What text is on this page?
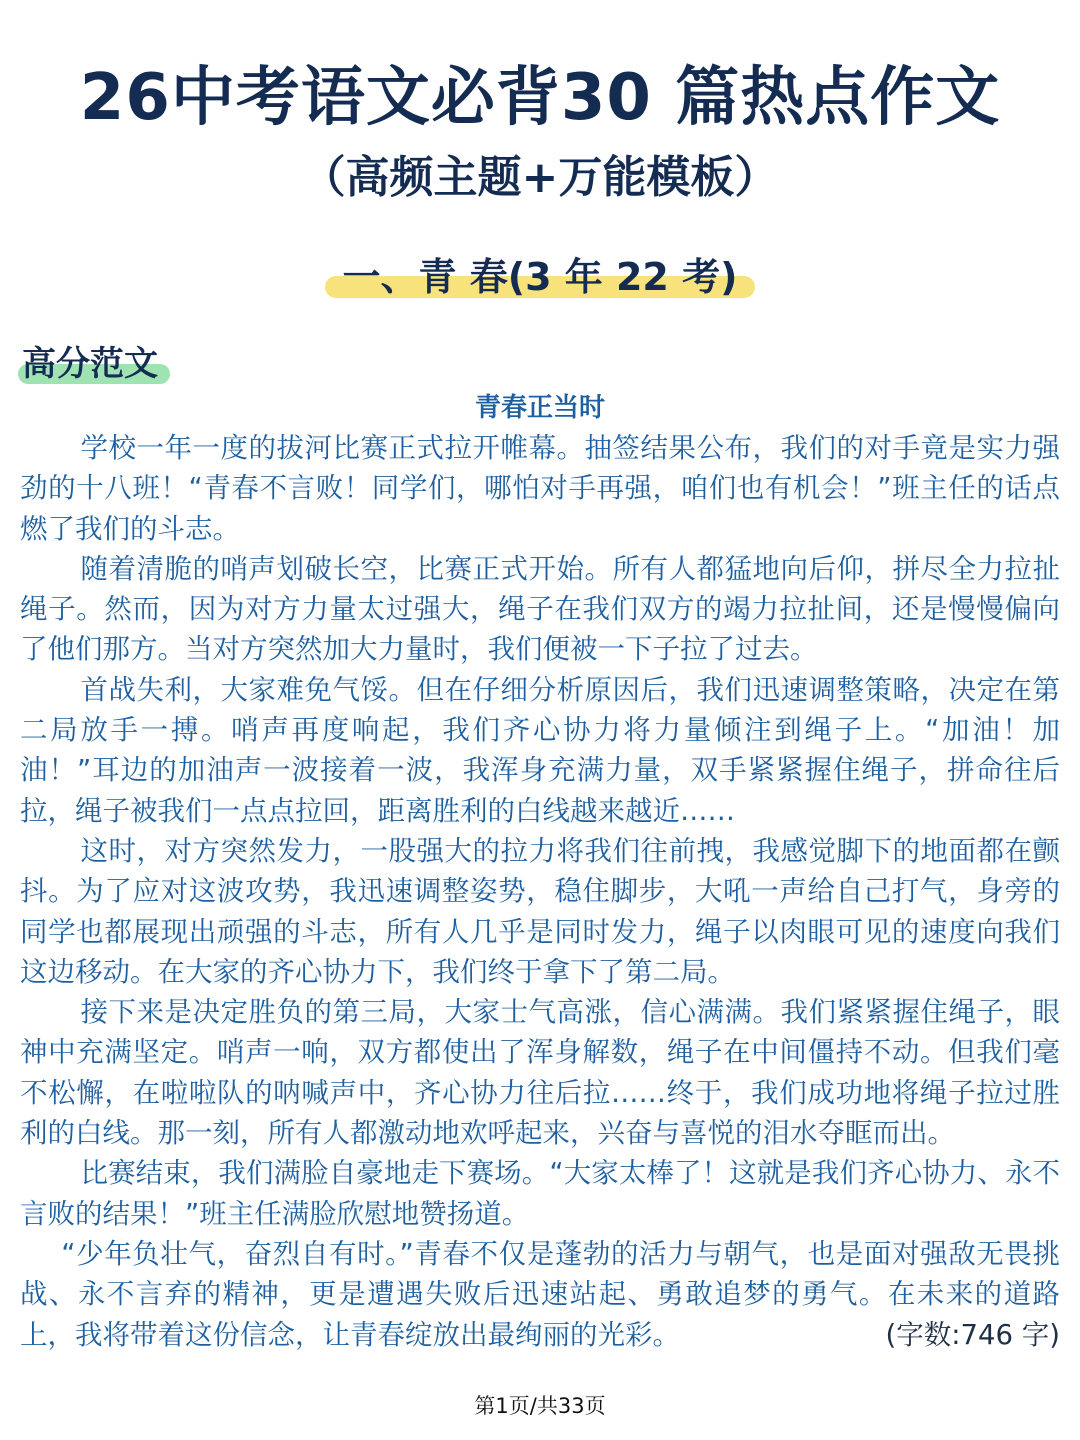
26中考语文必背30 篇热点作文
（高频主题+万能模板）
一、青 春(3 年 22 考)
高分范文
青春正当时

学校一年一度的拔河比赛正式拉开帷幕。抽签结果公布，我们的对手竟是实力强劲的十八班！“青春不言败！同学们，哪怕对手再强，咱们也有机会！”班主任的话点燃了我们的斗志。

随着清脆的哨声划破长空，比赛正式开始。所有人都猛地向后仰，拼尽全力拉扯绳子。然而，因为对方力量太过强大，绳子在我们双方的竭力拉扯间，还是慢慢偏向了他们那方。当对方突然加大力量时，我们便被一下子拉了过去。

首战失利，大家难免气馁。但在仔细分析原因后，我们迅速调整策略，决定在第二局放手一搏。哨声再度响起，我们齐心协力将力量倾注到绳子上。“加油！加油！”耳边的加油声一波接着一波，我浑身充满力量，双手紧紧握住绳子，拼命往后拉，绳子被我们一点点拉回，距离胜利的白线越来越近……

这时，对方突然发力，一股强大的拉力将我们往前拽，我感觉脚下的地面都在颤抖。为了应对这波攻势，我迅速调整姿势，稳住脚步，大吼一声给自己打气，身旁的同学也都展现出顽强的斗志，所有人几乎是同时发力，绳子以肉眼可见的速度向我们这边移动。在大家的齐心协力下，我们终于拿下了第二局。

接下来是决定胜负的第三局，大家士气高涨，信心满满。我们紧紧握住绳子，眼神中充满坚定。哨声一响，双方都使出了浑身解数，绳子在中间僵持不动。但我们毫不松懈，在啦啦队的呐喊声中，齐心协力往后拉……终于，我们成功地将绳子拉过胜利的白线。那一刻，所有人都激动地欢呼起来，兴奋与喜悦的泪水夺眶而出。

比赛结束，我们满脸自豪地走下赛场。“大家太棒了！这就是我们齐心协力、永不言败的结果！”班主任满脸欣慰地赞扬道。

“少年负壮气，奋烈自有时。”青春不仅是蓬勃的活力与朝气，也是面对强敌无畏挑战、永不言弃的精神，更是遭遇失败后迅速站起、勇敢追梦的勇气。在未来的道路上，我将带着这份信念，让青春绽放出最绚丽的光彩。	(字数:746 字)

第1页/共33页
